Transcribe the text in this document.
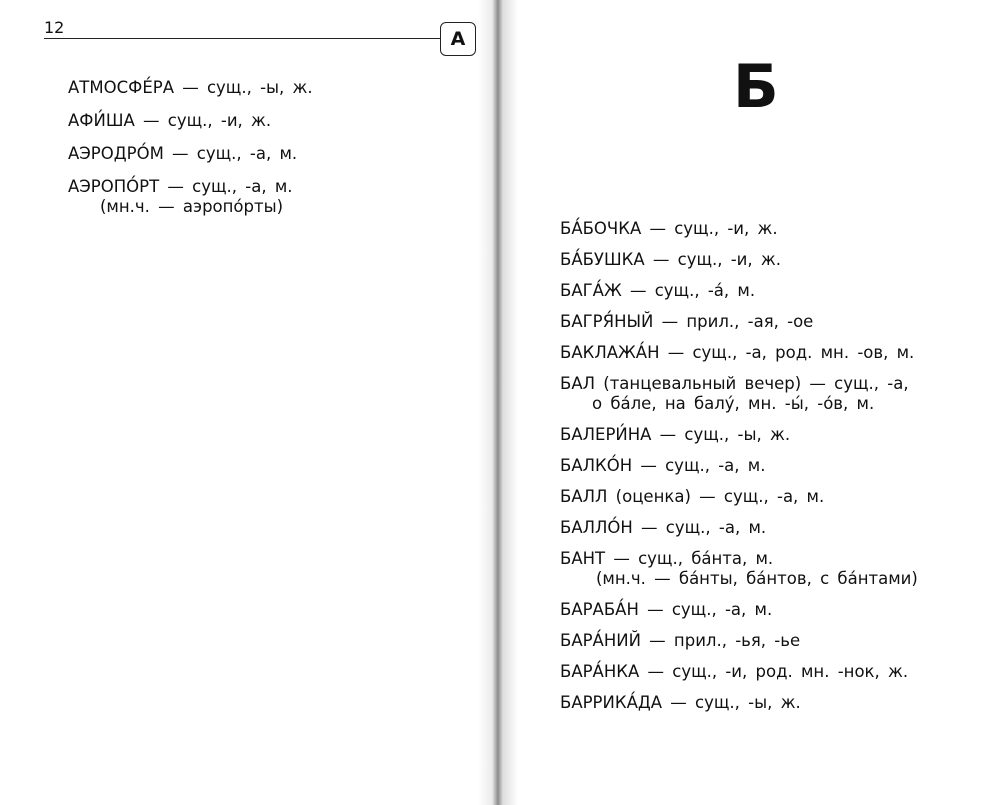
12
А
АТМОСФЕ́РА — сущ., -ы, ж.
АФИ́ША — сущ., -и, ж.
АЭРОДРО́М — сущ., -а, м.
АЭРОПО́РТ — сущ., -а, м.
(мн.ч. — аэропо́рты)
Б
БА́БОЧКА — сущ., -и, ж.
БА́БУШКА — сущ., -и, ж.
БАГА́Ж — сущ., -а́, м.
БАГРЯ́НЫЙ — прил., -ая, -ое
БАКЛАЖА́Н — сущ., -а, род. мн. -ов, м.
БАЛ (танцевальный вечер) — сущ., -а,
о ба́ле, на балу́, мн. -ы́, -о́в, м.
БАЛЕРИ́НА — сущ., -ы, ж.
БАЛКО́Н — сущ., -а, м.
БАЛЛ (оценка) — сущ., -а, м.
БАЛЛО́Н — сущ., -а, м.
БАНТ — сущ., ба́нта, м.
(мн.ч. — ба́нты, ба́нтов, с ба́нтами)
БАРАБА́Н — сущ., -а, м.
БАРА́НИЙ — прил., -ья, -ье
БАРА́НКА — сущ., -и, род. мн. -нок, ж.
БАРРИКА́ДА — сущ., -ы, ж.
